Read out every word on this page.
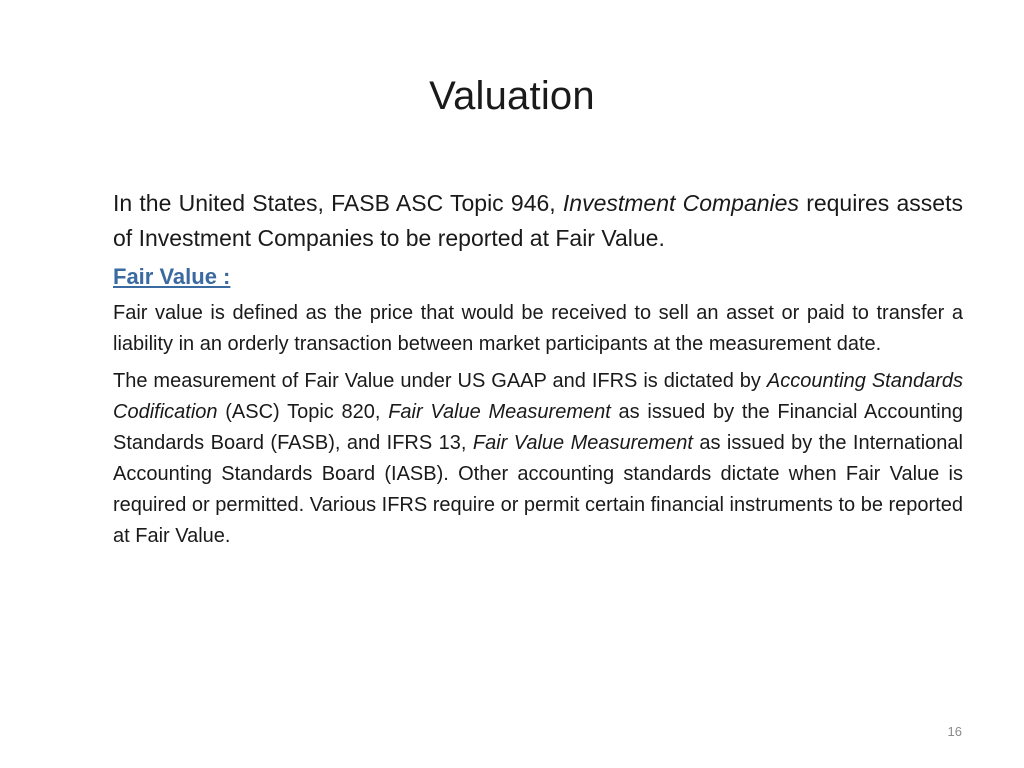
Valuation

In the United States, FASB ASC Topic 946, Investment Companies requires assets of Investment Companies to be reported at Fair Value.

Fair Value :

Fair value is defined as the price that would be received to sell an asset or paid to transfer a liability in an orderly transaction between market participants at the measurement date.

The measurement of Fair Value under US GAAP and IFRS is dictated by Accounting Standards Codification (ASC) Topic 820, Fair Value Measurement as issued by the Financial Accounting Standards Board (FASB), and IFRS 13, Fair Value Measurement as issued by the International Accounting Standards Board (IASB). Other accounting standards dictate when Fair Value is required or permitted. Various IFRS require or permit certain financial instruments to be reported at Fair Value.

16
